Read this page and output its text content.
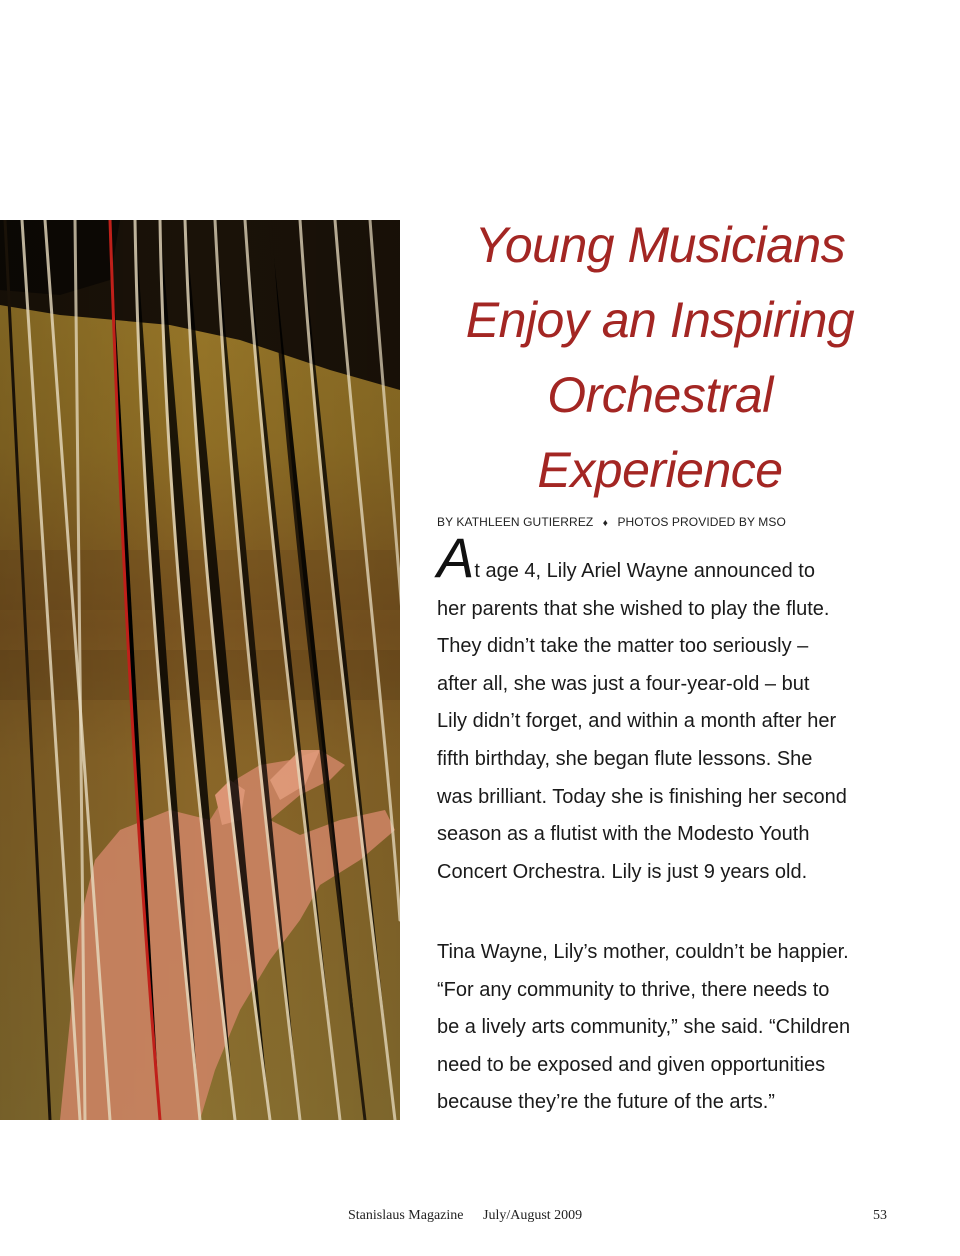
Young Musicians
Enjoy an Inspiring
Orchestral
Experience
BY KATHLEEN GUTIERREZ ♦ PHOTOS PROVIDED BY MSO
At age 4, Lily Ariel Wayne announced to
her parents that she wished to play the flute.
They didn’t take the matter too seriously –
after all, she was just a four-year-old – but
Lily didn’t forget, and within a month after her
fifth birthday, she began flute lessons. She
was brilliant. Today she is finishing her second
season as a flutist with the Modesto Youth
Concert Orchestra. Lily is just 9 years old.
Tina Wayne, Lily’s mother, couldn’t be happier.
“For any community to thrive, there needs to
be a lively arts community,” she said. “Children
need to be exposed and given opportunities
because they’re the future of the arts.”
Stanislaus Magazine July/August 2009	53
